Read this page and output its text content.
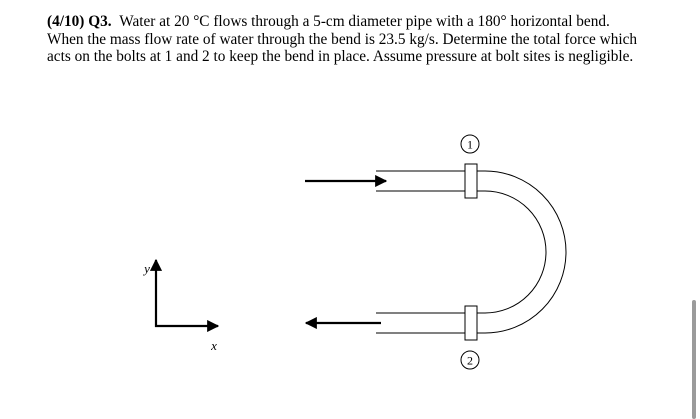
(4/10) Q3. Water at 20 °C flows through a 5-cm diameter pipe with a 180° horizontal bend.
When the mass flow rate of water through the bend is 23.5 kg/s. Determine the total force which
acts on the bolts at 1 and 2 to keep the bend in place. Assume pressure at bolt sites is negligible.
1
2
y
x
